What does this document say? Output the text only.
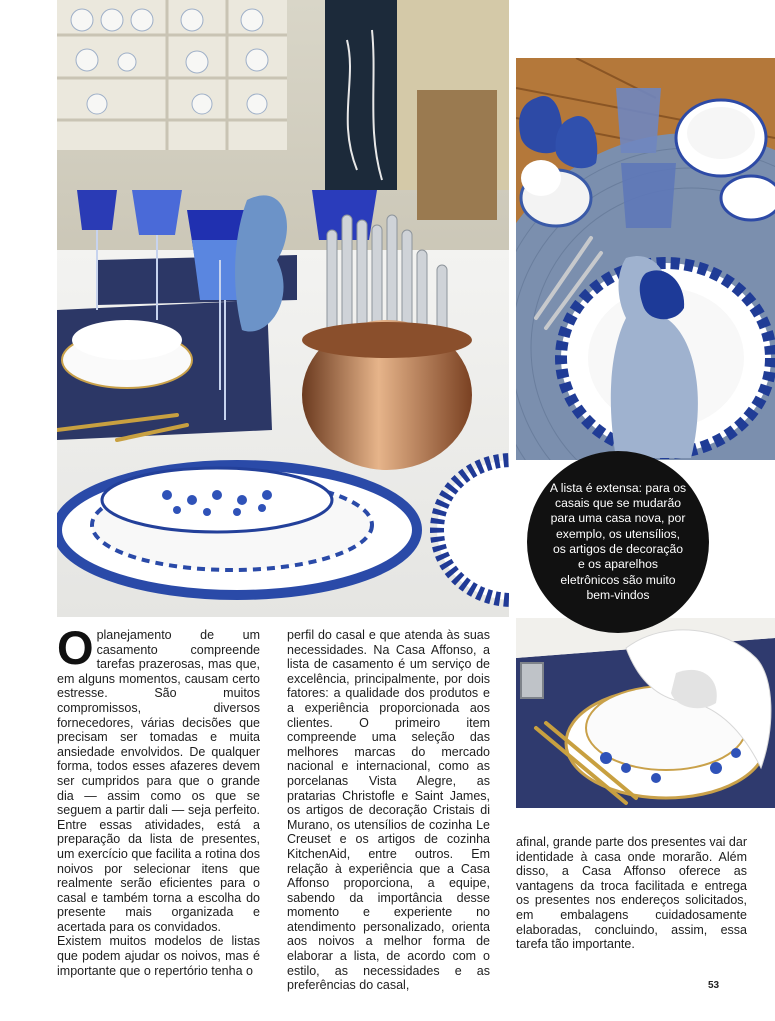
A lista é extensa: para os casais que se mudarão para uma casa nova, por exemplo, os utensílios, os artigos de decoração e os aparelhos eletrônicos são muito bem-vindos

Oplanejamento de um casamento compreende tarefas prazerosas, mas que, em alguns momentos, causam certo estresse. São muitos compromissos, diversos fornecedores, várias decisões que precisam ser tomadas e muita ansiedade envolvidos. De qualquer forma, todos esses afazeres devem ser cumpridos para que o grande dia — assim como os que se seguem a partir dali — seja perfeito. Entre essas atividades, está a preparação da lista de presentes, um exercício que facilita a rotina dos noivos por selecionar itens que realmente serão eficientes para o casal e também torna a escolha do presente mais organizada e acertada para os convidados.

Existem muitos modelos de listas que podem ajudar os noivos, mas é importante que o repertório tenha o

perfil do casal e que atenda às suas necessidades. Na Casa Affonso, a lista de casamento é um serviço de excelência, principalmente, por dois fatores: a qualidade dos produtos e a experiência proporcionada aos clientes. O primeiro item compreende uma seleção das melhores marcas do mercado nacional e internacional, como as porcelanas Vista Alegre, as pratarias Christofle e Saint James, os artigos de decoração Cristais di Murano, os utensílios de cozinha Le Creuset e os artigos de cozinha KitchenAid, entre outros. Em relação à experiência que a Casa Affonso proporciona, a equipe, sabendo da importância desse momento e experiente no atendimento personalizado, orienta aos noivos a melhor forma de elaborar a lista, de acordo com o estilo, as necessidades e as preferências do casal,

afinal, grande parte dos presentes vai dar identidade à casa onde morarão. Além disso, a Casa Affonso oferece as vantagens da troca facilitada e entrega os presentes nos endereços solicitados, em embalagens cuidadosamente elaboradas, concluindo, assim, essa tarefa tão importante.

53
